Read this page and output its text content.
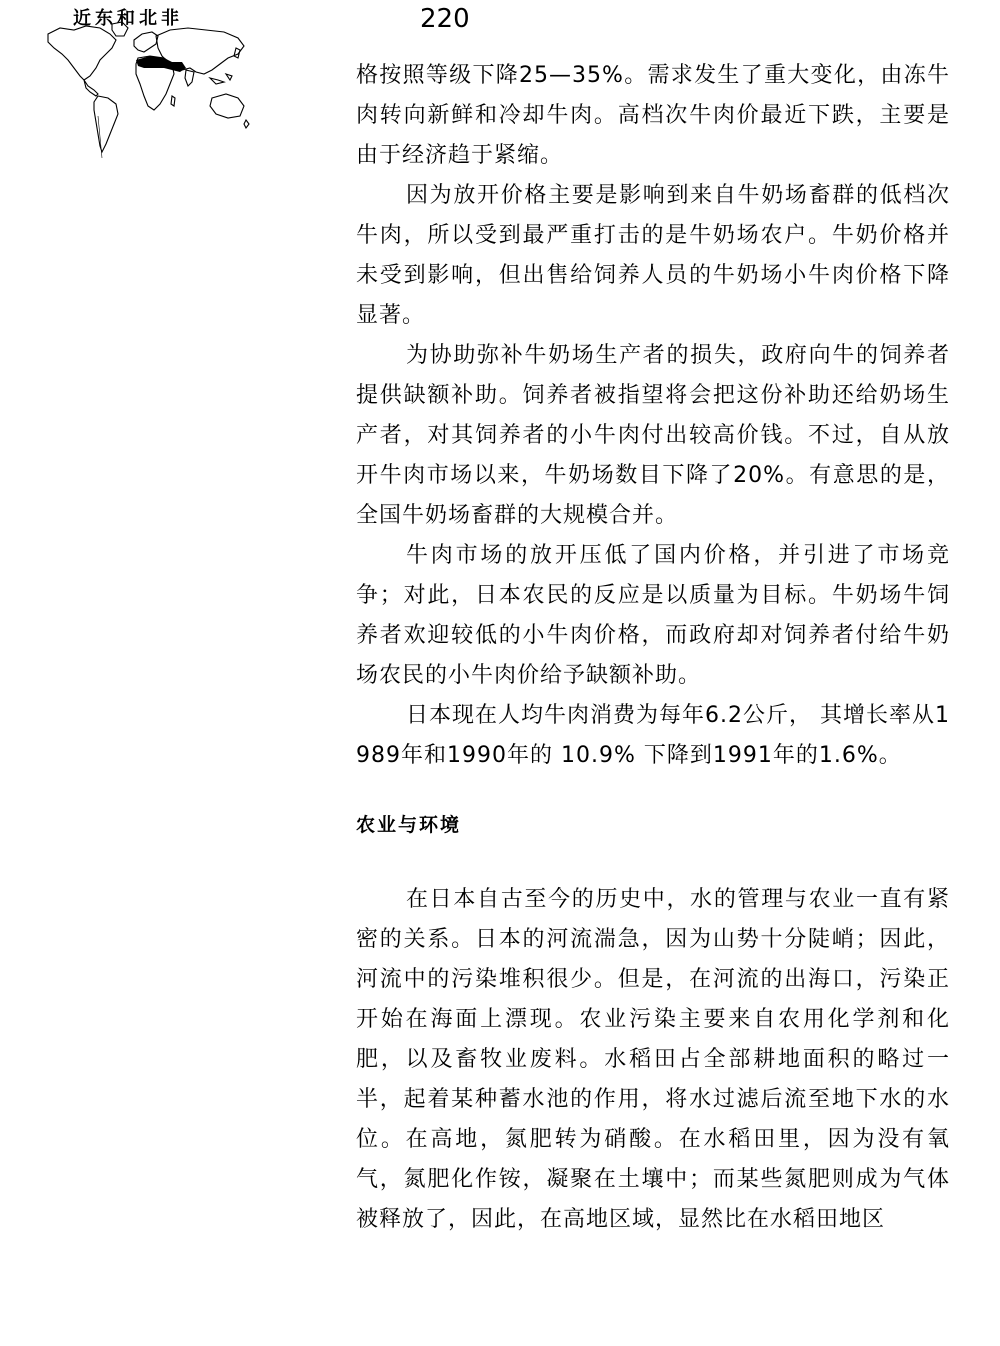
近东和北非	220

格按照等级下降25—35%。需求发生了重大变化，由冻牛肉转向新鲜和冷却牛肉。高档次牛肉价最近下跌，主要是由于经济趋于紧缩。

因为放开价格主要是影响到来自牛奶场畜群的低档次牛肉，所以受到最严重打击的是牛奶场农户。牛奶价格并未受到影响，但出售给饲养人员的牛奶场小牛肉价格下降显著。

为协助弥补牛奶场生产者的损失，政府向牛的饲养者提供缺额补助。饲养者被指望将会把这份补助还给奶场生产者，对其饲养者的小牛肉付出较高价钱。不过，自从放开牛肉市场以来，牛奶场数目下降了20%。有意思的是，全国牛奶场畜群的大规模合并。

牛肉市场的放开压低了国内价格，并引进了市场竞争；对此，日本农民的反应是以质量为目标。牛奶场牛饲养者欢迎较低的小牛肉价格，而政府却对饲养者付给牛奶场农民的小牛肉价给予缺额补助。

日本现在人均牛肉消费为每年6.2公斤， 其增长率从1989年和1990年的 10.9% 下降到1991年的1.6%。

农业与环境

在日本自古至今的历史中，水的管理与农业一直有紧密的关系。日本的河流湍急，因为山势十分陡峭；因此，河流中的污染堆积很少。但是，在河流的出海口，污染正开始在海面上漂现。农业污染主要来自农用化学剂和化肥，以及畜牧业废料。水稻田占全部耕地面积的略过一半，起着某种蓄水池的作用，将水过滤后流至地下水的水位。在高地，氮肥转为硝酸。在水稻田里，因为没有氧气，氮肥化作铵，凝聚在土壤中；而某些氮肥则成为气体被释放了，因此，在高地区域，显然比在水稻田地区
